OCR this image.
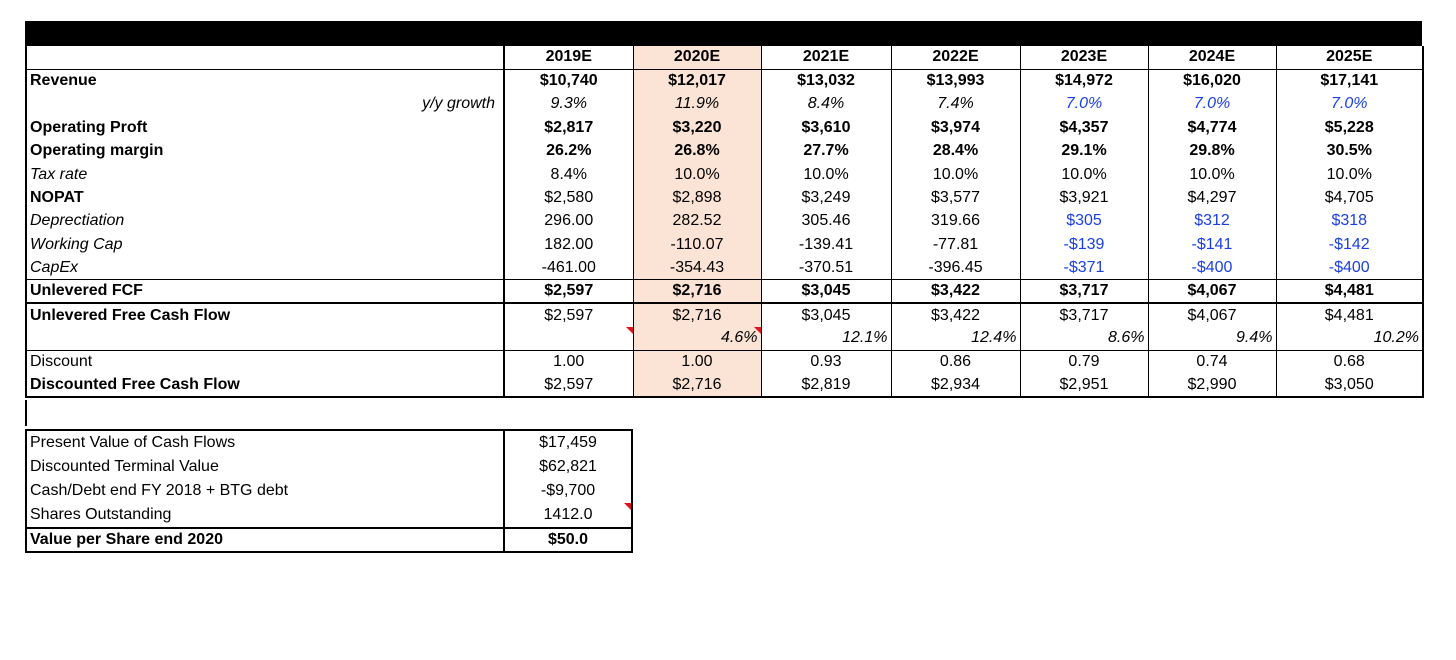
	2019E	2020E	2021E	2022E	2023E	2024E	2025E
Revenue	$10,740	$12,017	$13,032	$13,993	$14,972	$16,020	$17,141
y/y growth	9.3%	11.9%	8.4%	7.4%	7.0%	7.0%	7.0%
Operating Proft	$2,817	$3,220	$3,610	$3,974	$4,357	$4,774	$5,228
Operating margin	26.2%	26.8%	27.7%	28.4%	29.1%	29.8%	30.5%
Tax rate	8.4%	10.0%	10.0%	10.0%	10.0%	10.0%	10.0%
NOPAT	$2,580	$2,898	$3,249	$3,577	$3,921	$4,297	$4,705
Deprectiation	296.00	282.52	305.46	319.66	$305	$312	$318
Working Cap	182.00	-110.07	-139.41	-77.81	-$139	-$141	-$142
CapEx	-461.00	-354.43	-370.51	-396.45	-$371	-$400	-$400
Unlevered FCF	$2,597	$2,716	$3,045	$3,422	$3,717	$4,067	$4,481
Unlevered Free Cash Flow	$2,597	$2,716	$3,045	$3,422	$3,717	$4,067	$4,481
		4.6%	12.1%	12.4%	8.6%	9.4%	10.2%
Discount	1.00	1.00	0.93	0.86	0.79	0.74	0.68
Discounted Free Cash Flow	$2,597	$2,716	$2,819	$2,934	$2,951	$2,990	$3,050
Present Value of Cash Flows	$17,459
Discounted Terminal Value	$62,821
Cash/Debt end FY 2018 + BTG debt	-$9,700
Shares Outstanding	1412.0
Value per Share end 2020	$50.0
